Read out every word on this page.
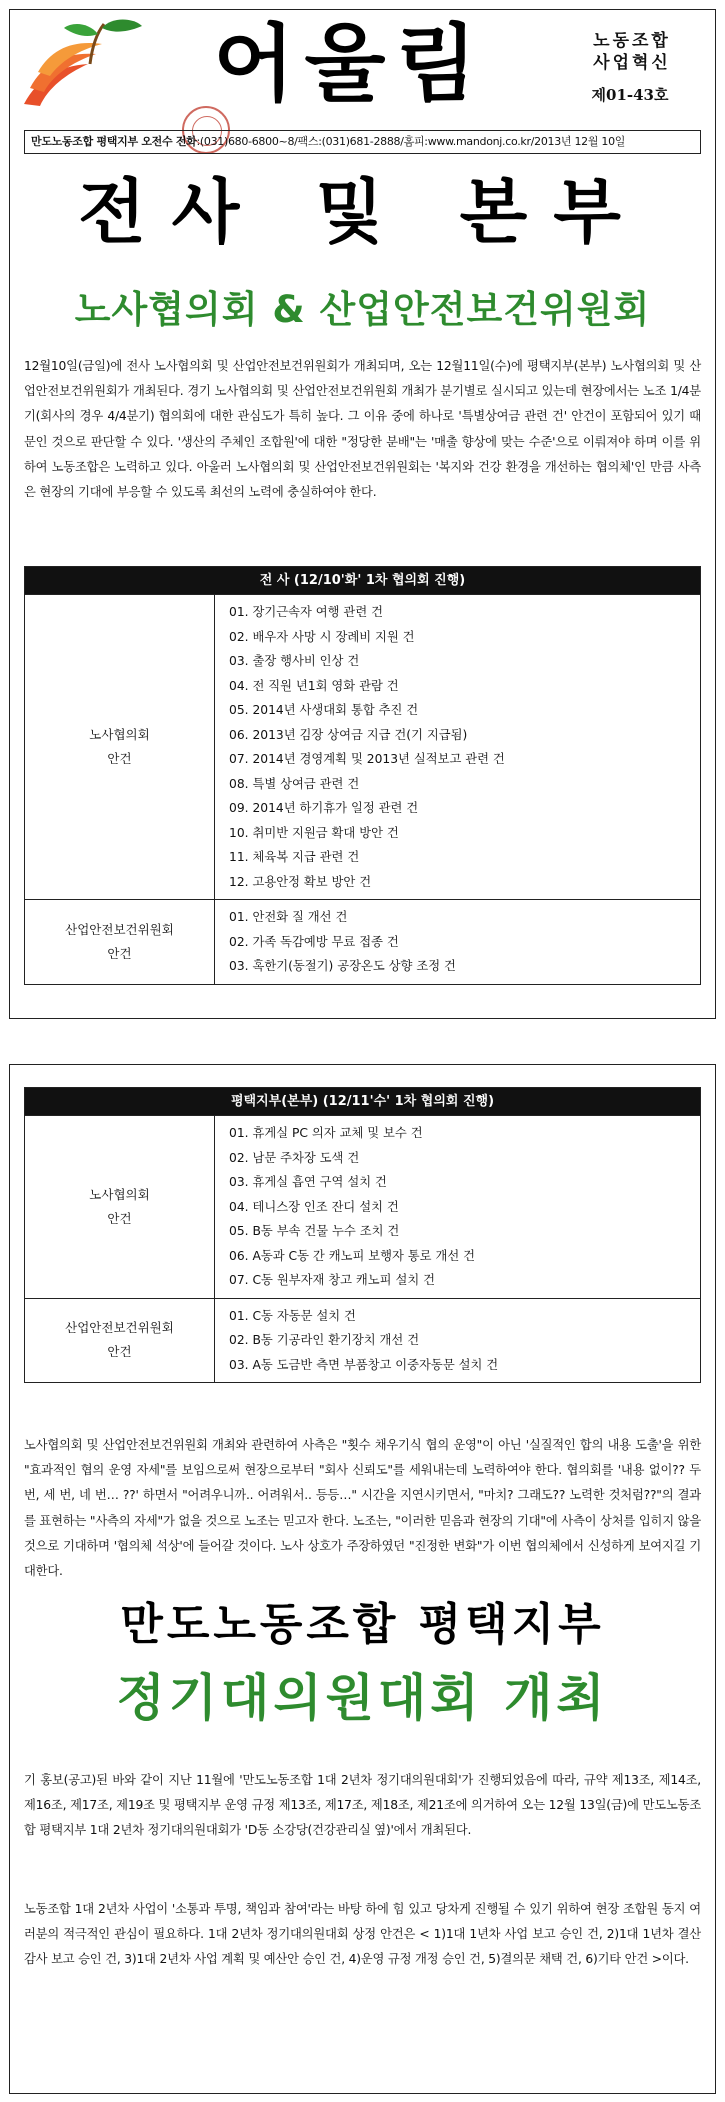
어울림	노동조합
사업혁신
제01-43호
만도노동조합 평택지부 오전수 전화:(031)680-6800~8/팩스:(031)681-2888/홈피:www.mandonj.co.kr/2013년 12월 10일
전사 및 본부
노사협의회 & 산업안전보건위원회

12월10일(금일)에 전사 노사협의회 및 산업안전보건위원회가 개최되며, 오는 12월11일(수)에 평택지부(본부) 노사협의회 및 산업안전보건위원회가 개최된다. 경기 노사협의회 및 산업안전보건위원회 개최가 분기별로 실시되고 있는데 현장에서는 노조 1/4분기(회사의 경우 4/4분기) 협의회에 대한 관심도가 특히 높다. 그 이유 중에 하나로 '특별상여금 관련 건' 안건이 포함되어 있기 때문인 것으로 판단할 수 있다. '생산의 주체인 조합원'에 대한 "정당한 분배"는 '매출 향상에 맞는 수준'으로 이뤄져야 하며 이를 위하여 노동조합은 노력하고 있다. 아울러 노사협의회 및 산업안전보건위원회는 '복지와 건강 환경을 개선하는 협의체'인 만큼 사측은 현장의 기대에 부응할 수 있도록 최선의 노력에 충실하여야 한다.

전 사 (12/10'화' 1차 협의회 진행)
노사협의회
안건
01. 장기근속자 여행 관련 건
02. 배우자 사망 시 장례비 지원 건
03. 출장 행사비 인상 건
04. 전 직원 년1회 영화 관람 건
05. 2014년 사생대회 통합 추진 건
06. 2013년 김장 상여금 지급 건(기 지급됨)
07. 2014년 경영계획 및 2013년 실적보고 관련 건
08. 특별 상여금 관련 건
09. 2014년 하기휴가 일정 관련 건
10. 취미반 지원금 확대 방안 건
11. 체육복 지급 관련 건
12. 고용안정 확보 방안 건
산업안전보건위원회
안건
01. 안전화 질 개선 건
02. 가족 독감예방 무료 접종 건
03. 혹한기(동절기) 공장온도 상향 조정 건
평택지부(본부) (12/11'수' 1차 협의회 진행)
노사협의회
안건
01. 휴게실 PC 의자 교체 및 보수 건
02. 남문 주차장 도색 건
03. 휴게실 흡연 구역 설치 건
04. 테니스장 인조 잔디 설치 건
05. B동 부속 건물 누수 조치 건
06. A동과 C동 간 캐노피 보행자 통로 개선 건
07. C동 원부자재 창고 캐노피 설치 건
산업안전보건위원회
안건
01. C동 자동문 설치 건
02. B동 기공라인 환기장치 개선 건
03. A동 도금반 측면 부품창고 이중자동문 설치 건

노사협의회 및 산업안전보건위원회 개최와 관련하여 사측은 "횟수 채우기식 협의 운영"이 아닌 '실질적인 합의 내용 도출'을 위한 "효과적인 협의 운영 자세"를 보임으로써 현장으로부터 "회사 신뢰도"를 세워내는데 노력하여야 한다. 협의회를 '내용 없이?? 두 번, 세 번, 네 번… ??' 하면서 "어려우니까.. 어려워서.. 등등…" 시간을 지연시키면서, "마치? 그래도?? 노력한 것처럼??"의 결과를 표현하는 "사측의 자세"가 없을 것으로 노조는 믿고자 한다. 노조는, "이러한 믿음과 현장의 기대"에 사측이 상처를 입히지 않을 것으로 기대하며 '협의체 석상'에 들어갈 것이다. 노사 상호가 주장하였던 "진정한 변화"가 이번 협의체에서 신성하게 보여지길 기대한다.

만도노동조합 평택지부
정기대의원대회 개최

기 홍보(공고)된 바와 같이 지난 11월에 '만도노동조합 1대 2년차 정기대의원대회'가 진행되었음에 따라, 규약 제13조, 제14조, 제16조, 제17조, 제19조 및 평택지부 운영 규정 제13조, 제17조, 제18조, 제21조에 의거하여 오는 12월 13일(금)에 만도노동조합 평택지부 1대 2년차 정기대의원대회가 'D동 소강당(건강관리실 옆)'에서 개최된다.

노동조합 1대 2년차 사업이 '소통과 투명, 책임과 참여'라는 바탕 하에 힘 있고 당차게 진행될 수 있기 위하여 현장 조합원 동지 여러분의 적극적인 관심이 필요하다. 1대 2년차 정기대의원대회 상정 안건은 < 1)1대 1년차 사업 보고 승인 건, 2)1대 1년차 결산감사 보고 승인 건, 3)1대 2년차 사업 계획 및 예산안 승인 건, 4)운영 규정 개정 승인 건, 5)결의문 채택 건, 6)기타 안건 >이다.
